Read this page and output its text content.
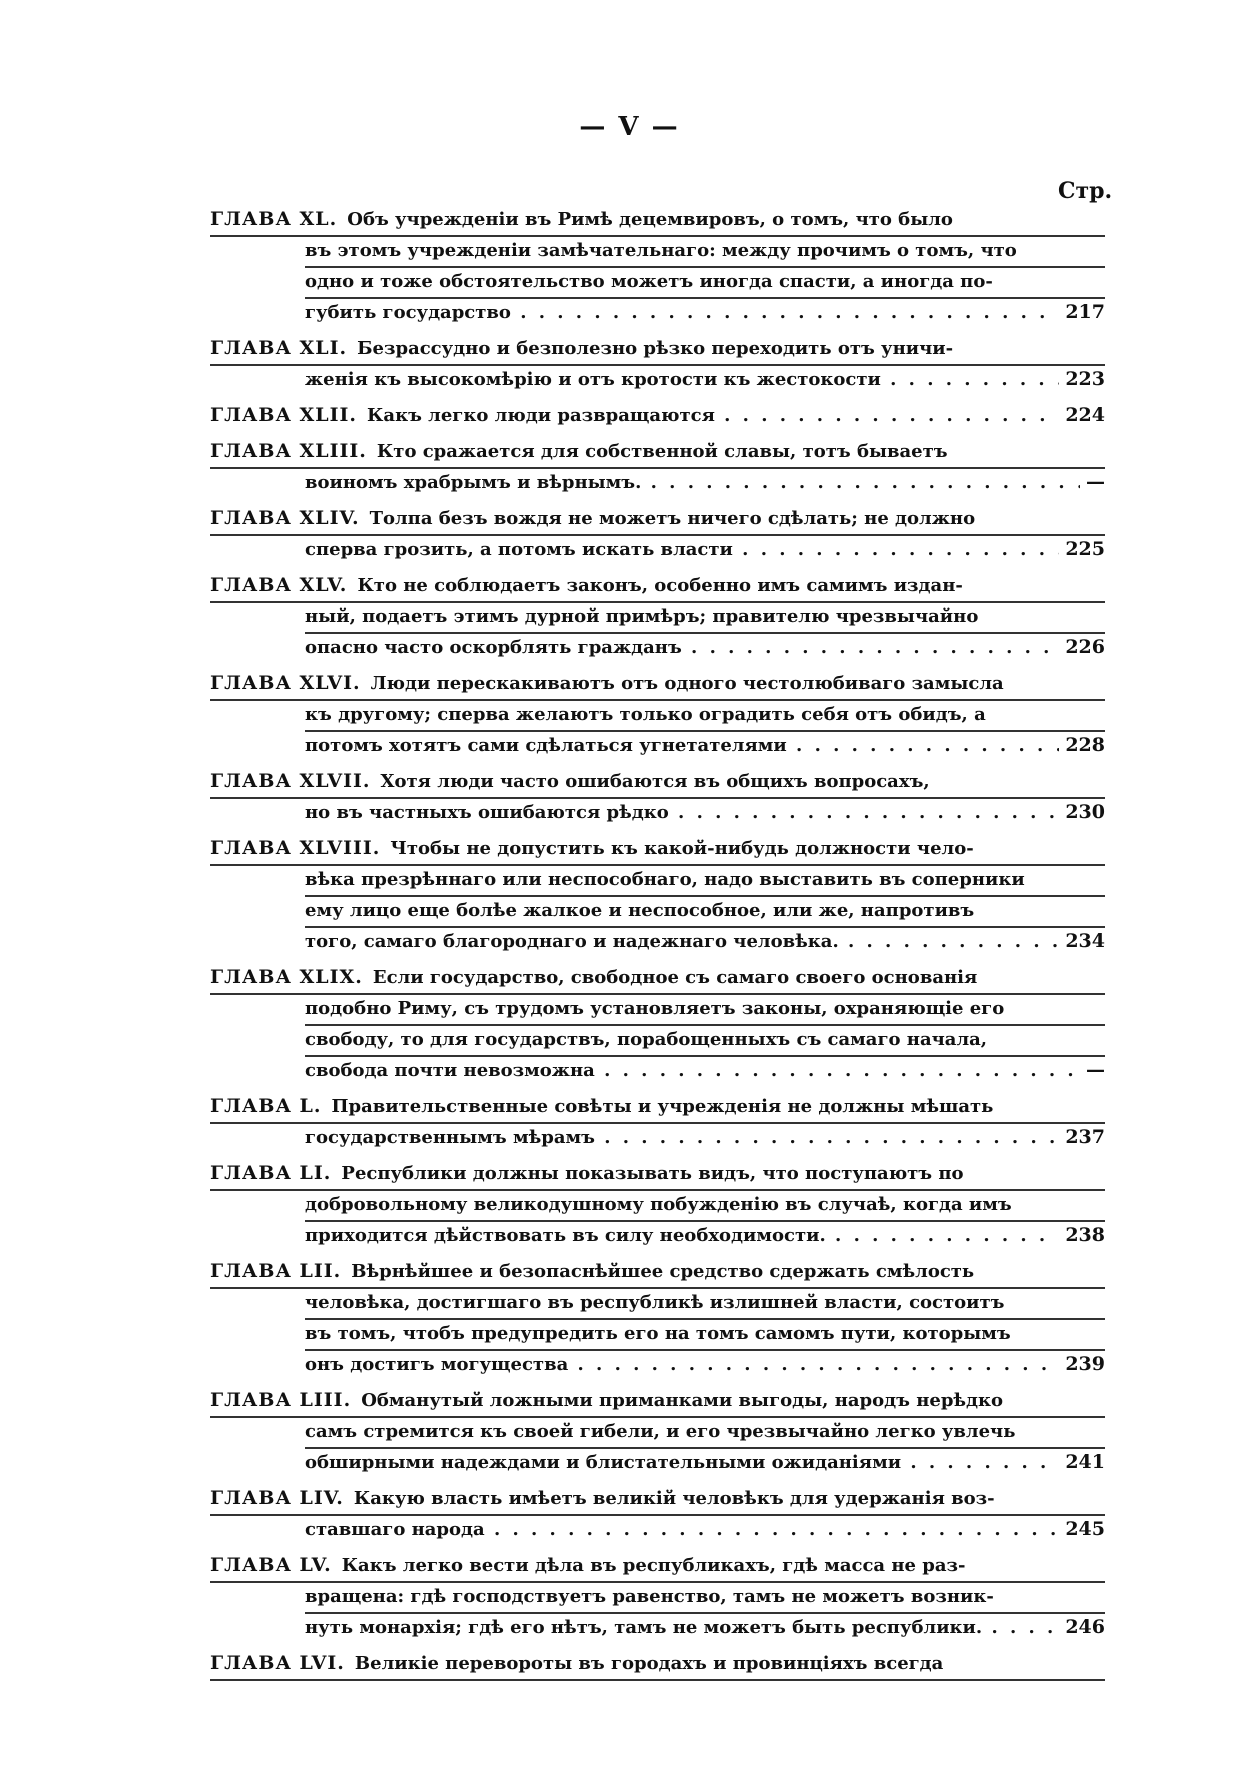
— V —
Стр.
ГЛАВА XL. Объ учрежденіи въ Римѣ децемвировъ, о томъ, что было
въ этомъ учрежденіи замѣчательнаго: между прочимъ о томъ, что
одно и тоже обстоятельство можетъ иногда спасти, а иногда по-
губить государство . . .	217
ГЛАВА XLI. Безрассудно и безполезно рѣзко переходить отъ уничи-
женія къ высокомѣрію и отъ кротости къ жестокости . . .	223
ГЛАВА XLII. Какъ легко люди развращаются . . .	224
ГЛАВА XLIII. Кто сражается для собственной славы, тотъ бываетъ
воиномъ храбрымъ и вѣрнымъ. . . .	—
ГЛАВА XLIV. Толпа безъ вождя не можетъ ничего сдѣлать; не должно
сперва грозить, а потомъ искать власти . . .	225
ГЛАВА XLV. Кто не соблюдаетъ законъ, особенно имъ самимъ издан-
ный, подаетъ этимъ дурной примѣръ; правителю чрезвычайно
опасно часто оскорблять гражданъ . . .	226
ГЛАВА XLVI. Люди перескакиваютъ отъ одного честолюбиваго замысла
къ другому; сперва желаютъ только оградить себя отъ обидъ, а
потомъ хотятъ сами сдѣлаться угнетателями . . .	228
ГЛАВА XLVII. Хотя люди часто ошибаются въ общихъ вопросахъ,
но въ частныхъ ошибаются рѣдко . . .	230
ГЛАВА XLVIII. Чтобы не допустить къ какой-нибудь должности чело-
вѣка презрѣннаго или неспособнаго, надо выставить въ соперники
ему лицо еще болѣе жалкое и неспособное, или же, напротивъ
того, самаго благороднаго и надежнаго человѣка. . . .	234
ГЛАВА XLIX. Если государство, свободное съ самаго своего основанія
подобно Риму, съ трудомъ установляетъ законы, охраняющіе его
свободу, то для государствъ, порабощенныхъ съ самаго начала,
свобода почти невозможна . . .	—
ГЛАВА L. Правительственные совѣты и учрежденія не должны мѣшать
государственнымъ мѣрамъ . . .	237
ГЛАВА LI. Республики должны показывать видъ, что поступаютъ по
добровольному великодушному побужденію въ случаѣ, когда имъ
приходится дѣйствовать въ силу необходимости. . . .	238
ГЛАВА LII. Вѣрнѣйшее и безопаснѣйшее средство сдержать смѣлость
человѣка, достигшаго въ республикѣ излишней власти, состоитъ
въ томъ, чтобъ предупредить его на томъ самомъ пути, которымъ
онъ достигъ могущества . . .	239
ГЛАВА LIII. Обманутый ложными приманками выгоды, народъ нерѣдко
самъ стремится къ своей гибели, и его чрезвычайно легко увлечь
обширными надеждами и блистательными ожиданіями . . .	241
ГЛАВА LIV. Какую власть имѣетъ великій человѣкъ для удержанія воз-
ставшаго народа . . .	245
ГЛАВА LV. Какъ легко вести дѣла въ республикахъ, гдѣ масса не раз-
вращена: гдѣ господствуетъ равенство, тамъ не можетъ возник-
нуть монархія; гдѣ его нѣтъ, тамъ не можетъ быть республики. . . .	246
ГЛАВА LVI. Великіе перевороты въ городахъ и провинціяхъ всегда
